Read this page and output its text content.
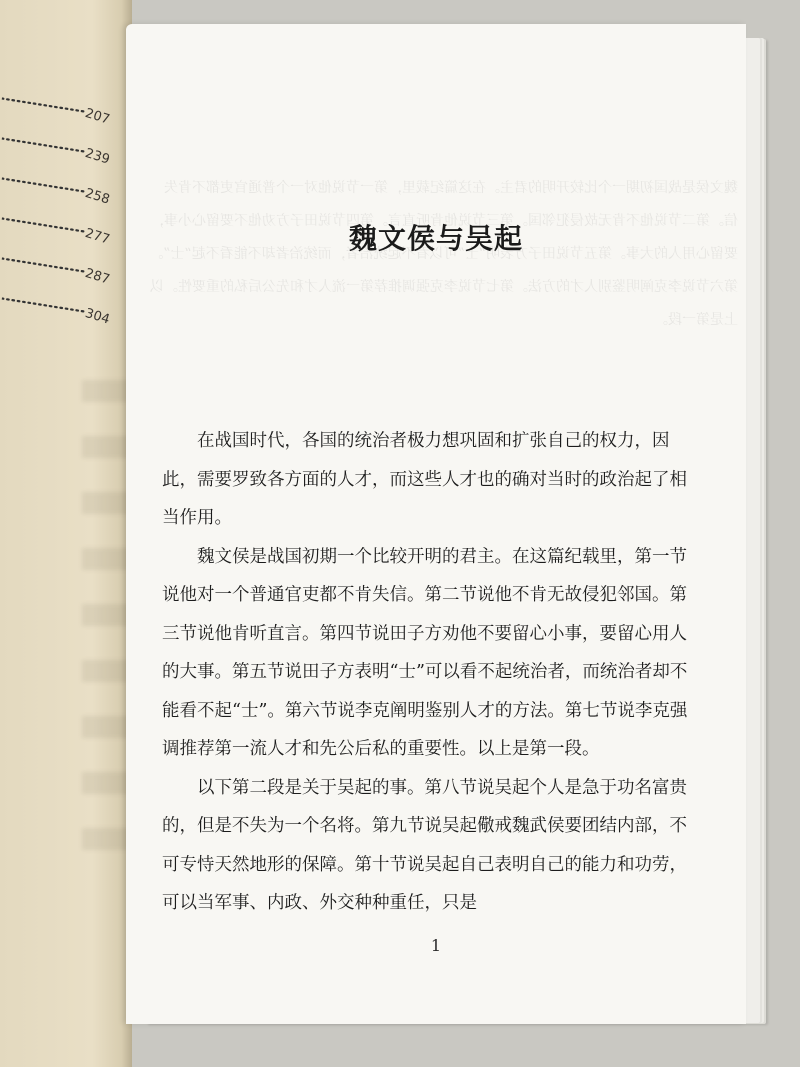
207
239
258
277
287
304
魏文侯是战国初期一个比较开明的君主。在这篇纪载里，第一节说他对一个普通官吏都不肯失信。第二节说他不肯无故侵犯邻国。第三节说他肯听直言。第四节说田子方劝他不要留心小事，要留心用人的大事。第五节说田子方表明“士”可以看不起统治者，而统治者却不能看不起“士”。第六节说李克阐明鉴别人才的方法。第七节说李克强调推荐第一流人才和先公后私的重要性。以上是第一段。
魏文侯与吴起

在战国时代，各国的统治者极力想巩固和扩张自己的权力，因此，需要罗致各方面的人才，而这些人才也的确对当时的政治起了相当作用。

魏文侯是战国初期一个比较开明的君主。在这篇纪载里，第一节说他对一个普通官吏都不肯失信。第二节说他不肯无故侵犯邻国。第三节说他肯听直言。第四节说田子方劝他不要留心小事，要留心用人的大事。第五节说田子方表明“士”可以看不起统治者，而统治者却不能看不起“士”。第六节说李克阐明鉴别人才的方法。第七节说李克强调推荐第一流人才和先公后私的重要性。以上是第一段。

以下第二段是关于吴起的事。第八节说吴起个人是急于功名富贵的，但是不失为一个名将。第九节说吴起儆戒魏武侯要团结内部，不可专恃天然地形的保障。第十节说吴起自己表明自己的能力和功劳，可以当军事、内政、外交种种重任，只是

1
